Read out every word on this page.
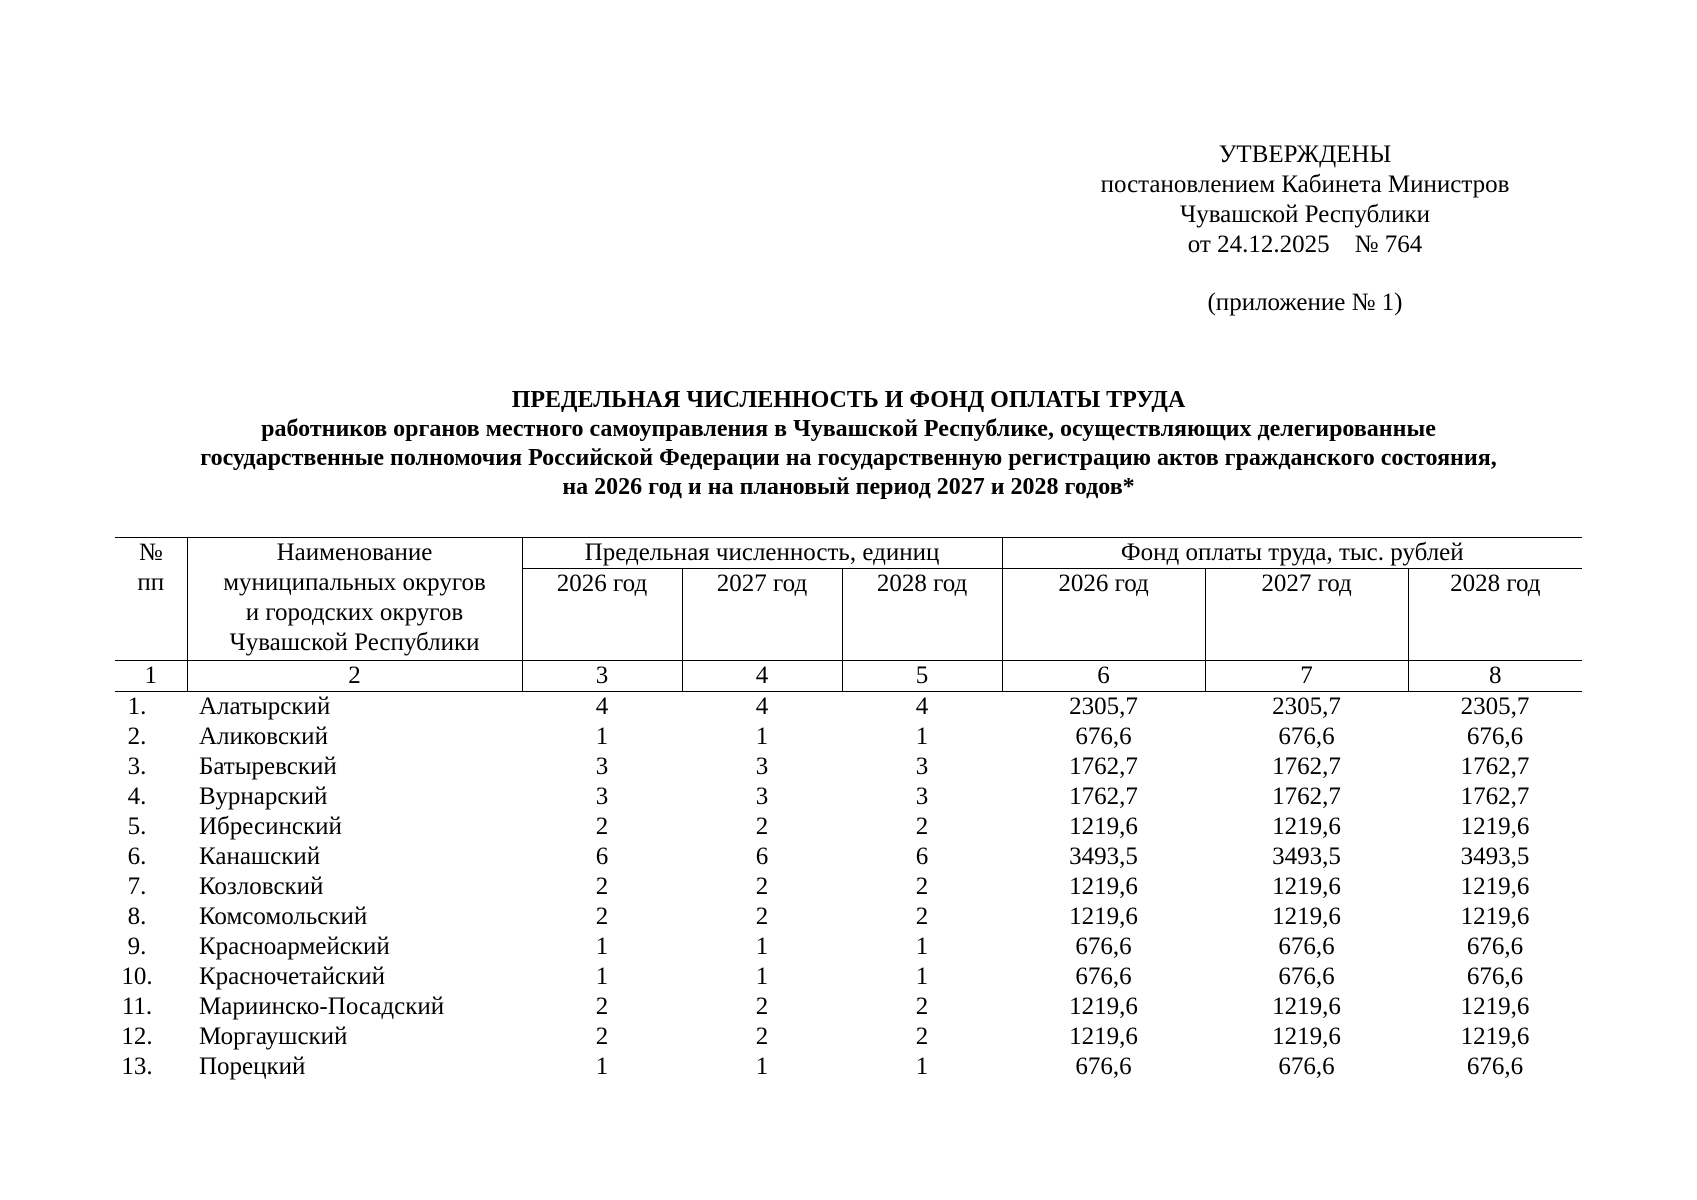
УТВЕРЖДЕНЫ
постановлением Кабинета Министров
Чувашской Республики
от 24.12.2025    № 764
(приложение № 1)
ПРЕДЕЛЬНАЯ ЧИСЛЕННОСТЬ И ФОНД ОПЛАТЫ ТРУДА
работников органов местного самоуправления в Чувашской Республике, осуществляющих делегированные
государственные полномочия Российской Федерации на государственную регистрацию актов гражданского состояния,
на 2026 год и на плановый период 2027 и 2028 годов*
№
пп	Наименование
муниципальных округов
и городских округов
Чувашской Республики	Предельная численность, единиц			Фонд оплаты труда, тыс. рублей		
		2026 год	2027 год	2028 год	2026 год	2027 год	2028 год
1	2	3	4	5	6	7	8
1.	Алатырский	4	4	4	2305,7	2305,7	2305,7
2.	Аликовский	1	1	1	676,6	676,6	676,6
3.	Батыревский	3	3	3	1762,7	1762,7	1762,7
4.	Вурнарский	3	3	3	1762,7	1762,7	1762,7
5.	Ибресинский	2	2	2	1219,6	1219,6	1219,6
6.	Канашский	6	6	6	3493,5	3493,5	3493,5
7.	Козловский	2	2	2	1219,6	1219,6	1219,6
8.	Комсомольский	2	2	2	1219,6	1219,6	1219,6
9.	Красноармейский	1	1	1	676,6	676,6	676,6
10.	Красночетайский	1	1	1	676,6	676,6	676,6
11.	Мариинско-Посадский	2	2	2	1219,6	1219,6	1219,6
12.	Моргаушский	2	2	2	1219,6	1219,6	1219,6
13.	Порецкий	1	1	1	676,6	676,6	676,6
